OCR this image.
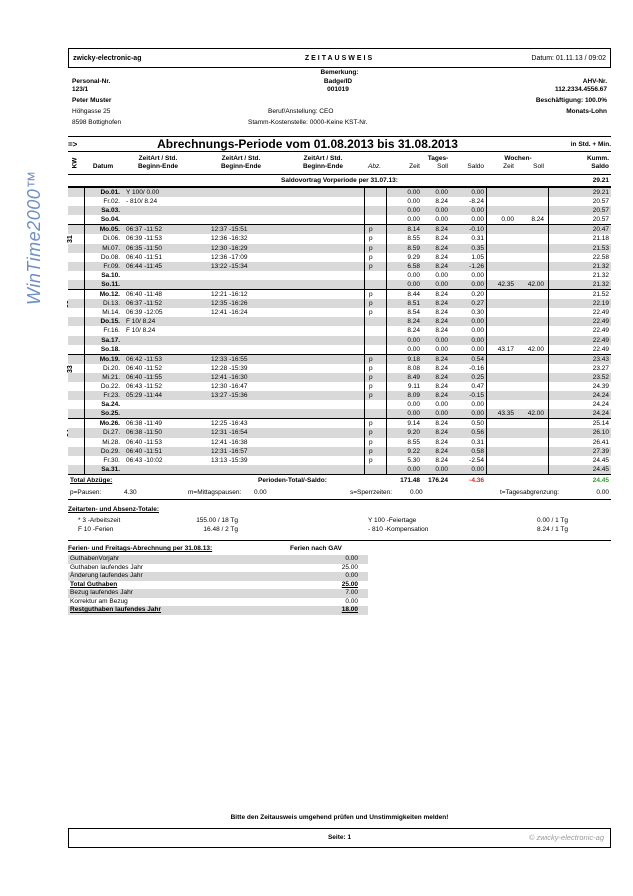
WinTime2000™
zwicky-electronic-ag	ZEITAUSWEIS	Datum: 01.11.13 / 09:02
Bemerkung:
Personal-Nr.
123/1
Badge/ID
001019
AHV-Nr.
112.2334.4556.67
Peter Muster	Beschäftigung: 100.0%
Höhgasse 25	Beruf/Anstellung: CEO	Monats-Lohn
8598 Bottighofen	Stamm-Kostenstelle: 0000-Keine KST-Nr.
=>	Abrechnungs-Periode vom 01.08.2013 bis 31.08.2013	in Std. + Min.
KW	Datum
ZeitArt / Std.
Beginn-Ende
ZeitArt / Std.
Beginn-Ende
ZeitArt / Std.
Beginn-Ende	Abz.
Tages-
Zeit	Soll	Saldo
Wochen-
Zeit	Soll
Kumm.
Saldo
Saldovortrag Vorperiode per 31.07.13:	29.21
Do.01. Y 100/ 0.00	0.00	0.00	0.00	29.21
Fr.02. - 810/ 8.24	0.00	8.24	-8.24	20.57
Sa.03.	0.00	0.00	0.00	20.57
So.04.	0.00	0.00	0.00	0.00	8.24	20.57
31
Mo.05. 06:37 -11:52	12:37 -15:51	p	8.14	8.24	-0.10	20.47
Di.06. 06:39 -11:53	12:36 -16:32	p	8.55	8.24	0.31	21.18
Mi.07. 06:35 -11:50	12:30 -16:29	p	8.59	8.24	0.35	21.53
Do.08. 06:40 -11:51	12:36 -17:09	p	9.29	8.24	1.05	22.58
Fr.09. 06:44 -11:45	13:22 -15:34	p	6.58	8.24	-1.26	21.32
Sa.10.	0.00	0.00	0.00	21.32
So.11.	0.00	0.00	0.00	42.35	42.00	21.32
Mo.12. 06:40 -11:48	12:21 -16:12	p	8.44	8.24	0.20	21.52
Di.13. 06:37 -11:52	12:35 -16:26	p	8.51	8.24	0.27	22.19
Mi.14. 06:39 -12:05	12:41 -16:24	p	8.54	8.24	0.30	22.49
Do.15. F 10/ 8.24	8.24	8.24	0.00	22.49
Fr.16. F 10/ 8.24	8.24	8.24	0.00	22.49
Sa.17.	0.00	0.00	0.00	22.49
So.18.	0.00	0.00	0.00	43.17	42.00	22.49
33
Mo.19. 06:42 -11:53	12:33 -16:55	p	9.18	8.24	0.54	23.43
Di.20. 06:40 -11:52	12:28 -15:39	p	8.08	8.24	-0.16	23.27
Mi.21. 06:40 -11:55	12:41 -16:30	p	8.49	8.24	0.25	23.52
Do.22. 06:43 -11:52	12:30 -16:47	p	9.11	8.24	0.47	24.39
Fr.23. 05:29 -11:44	13:27 -15:36	p	8.09	8.24	-0.15	24.24
Sa.24.	0.00	0.00	0.00	24.24
So.25.	0.00	0.00	0.00	43.35	42.00	24.24
Mo.26. 06:38 -11:49	12:25 -16:43	p	9.14	8.24	0.50	25.14
Di.27. 06:38 -11:50	12:31 -16:54	p	9.20	8.24	0.56	26.10
Mi.28. 06:40 -11:53	12:41 -16:38	p	8.55	8.24	0.31	26.41
Do.29. 06:40 -11:51	12:31 -16:57	p	9.22	8.24	0.58	27.39
Fr.30. 06:43 -10:02	13:13 -15:39	p	5.30	8.24	-2.54	24.45
Sa.31.	0.00	0.00	0.00	24.45
Total Abzüge:	Perioden-Total/-Saldo:	171.48	176.24	-4.36	24.45
p=Pausen:	4.30	m=Mittagspausen: 0.00	s=Sperrzeiten:	0.00	t=Tagesabgrenzung:	0.00
Zeitarten- und Absenz-Totale:
* 3 -Arbeitszeit	155.00 / 18 Tg	Y 100 -Feiertage	0.00 / 1 Tg
F 10 -Ferien	16.48 / 2 Tg	- 810 -Kompensation	8.24 / 1 Tg
Ferien- und Freitags-Abrechnung per 31.08.13:	Ferien nach GAV
GuthabenVorjahr	0.00
Guthaben laufendes Jahr	25.00
Änderung laufendes Jahr	0.00
Total Guthaben	25.00
Bezug laufendes Jahr	7.00
Korrektur am Bezug	0.00
Restguthaben laufendes Jahr	18.00
Bitte den Zeitausweis umgehend prüfen und Unstimmigkeiten melden!
Seite: 1	© zwicky-electronic-ag
